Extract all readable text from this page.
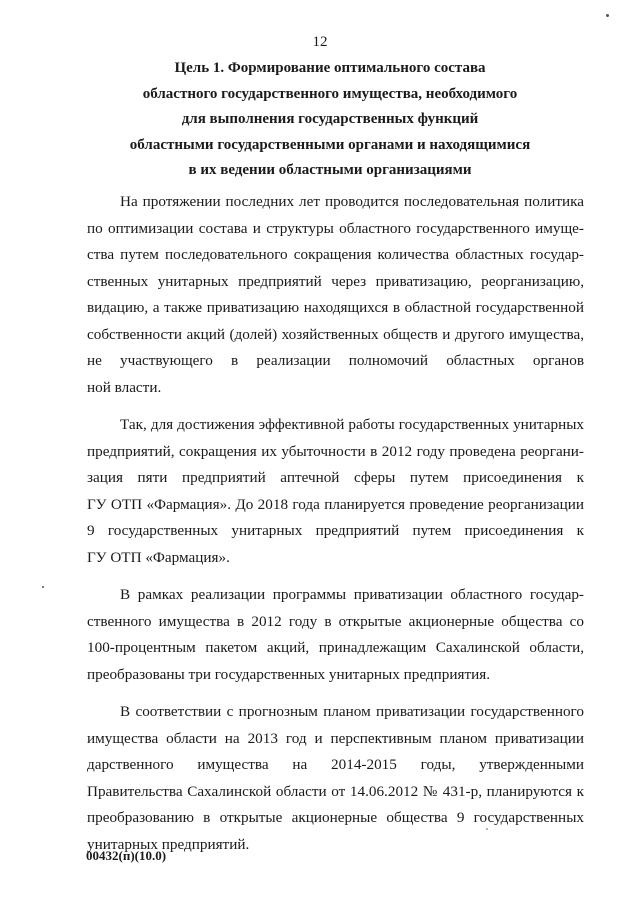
12
Цель 1. Формирование оптимального состава
областного государственного имущества, необходимого
для выполнения государственных функций
областными государственными органами и находящимися
в их ведении областными организациями
На протяжении последних лет проводится последовательная политика
по оптимизации состава и структуры областного государственного имуще-
ства путем последовательного сокращения количества областных государ-
ственных унитарных предприятий через приватизацию, реорганизацию,
видацию, а также приватизацию находящихся в областной государственной
собственности акций (долей) хозяйственных обществ и другого имущества,
не участвующего в реализации полномочий областных органов
ной власти.
Так, для достижения эффективной работы государственных унитарных
предприятий, сокращения их убыточности в 2012 году проведена реоргани-
зация пяти предприятий аптечной сферы путем присоединения к
ГУ ОТП «Фармация». До 2018 года планируется проведение реорганизации
9 государственных унитарных предприятий путем присоединения к
ГУ ОТП «Фармация».
В рамках реализации программы приватизации областного государ-
ственного имущества в 2012 году в открытые акционерные общества со
100-процентным пакетом акций, принадлежащим Сахалинской области,
преобразованы три государственных унитарных предприятия.
В соответствии с прогнозным планом приватизации государственного
имущества области на 2013 год и перспективным планом приватизации
дарственного имущества на 2014-2015 годы, утвержденными
Правительства Сахалинской области от 14.06.2012 № 431-р, планируются к
преобразованию в открытые акционерные общества 9 государственных
унитарных предприятий.
00432(п)(10.0)
